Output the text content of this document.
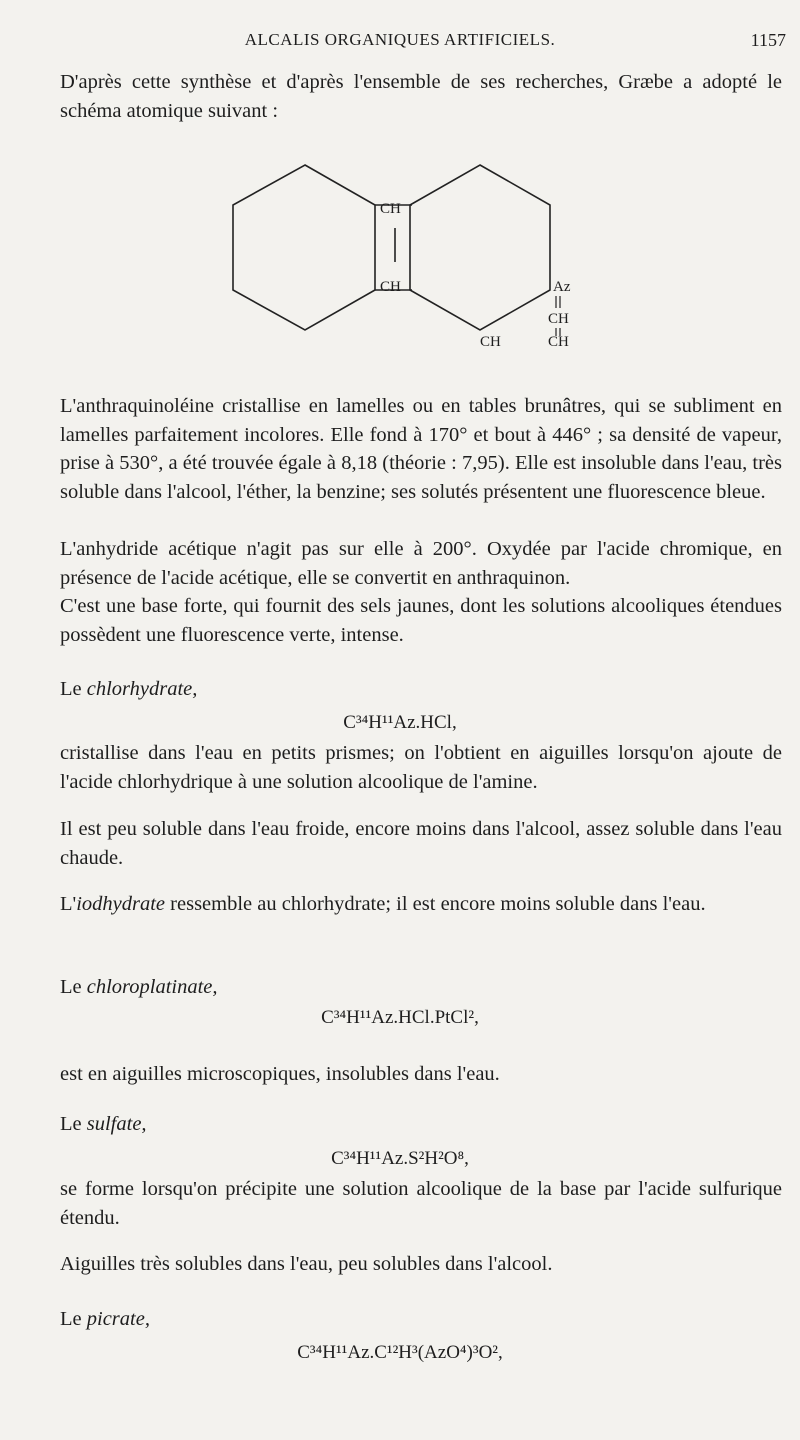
ALCALIS ORGANIQUES ARTIFICIELS.	1157

D'après cette synthèse et d'après l'ensemble de ses recherches, Græbe a adopté le schéma atomique suivant :

CH
CH	Az
CH
CH	CH

L'anthraquinoléine cristallise en lamelles ou en tables brunâtres, qui se subliment en lamelles parfaitement incolores. Elle fond à 170° et bout à 446° ; sa densité de vapeur, prise à 530°, a été trouvée égale à 8,18 (théorie : 7,95). Elle est insoluble dans l'eau, très soluble dans l'alcool, l'éther, la benzine; ses solutés présentent une fluorescence bleue.

L'anhydride acétique n'agit pas sur elle à 200°. Oxydée par l'acide chromique, en présence de l'acide acétique, elle se convertit en anthraquinon.

C'est une base forte, qui fournit des sels jaunes, dont les solutions alcooliques étendues possèdent une fluorescence verte, intense.

Le chlorhydrate,
C³⁴H¹¹Az.HCl,

cristallise dans l'eau en petits prismes; on l'obtient en aiguilles lorsqu'on ajoute de l'acide chlorhydrique à une solution alcoolique de l'amine.

Il est peu soluble dans l'eau froide, encore moins dans l'alcool, assez soluble dans l'eau chaude.

L'iodhydrate ressemble au chlorhydrate; il est encore moins soluble dans l'eau.

Le chloroplatinate,
C³⁴H¹¹Az.HCl.PtCl²,

est en aiguilles microscopiques, insolubles dans l'eau.

Le sulfate,
C³⁴H¹¹Az.S²H²O⁸,

se forme lorsqu'on précipite une solution alcoolique de la base par l'acide sulfurique étendu.

Aiguilles très solubles dans l'eau, peu solubles dans l'alcool.

Le picrate,
C³⁴H¹¹Az.C¹²H³(AzO⁴)³O²,
